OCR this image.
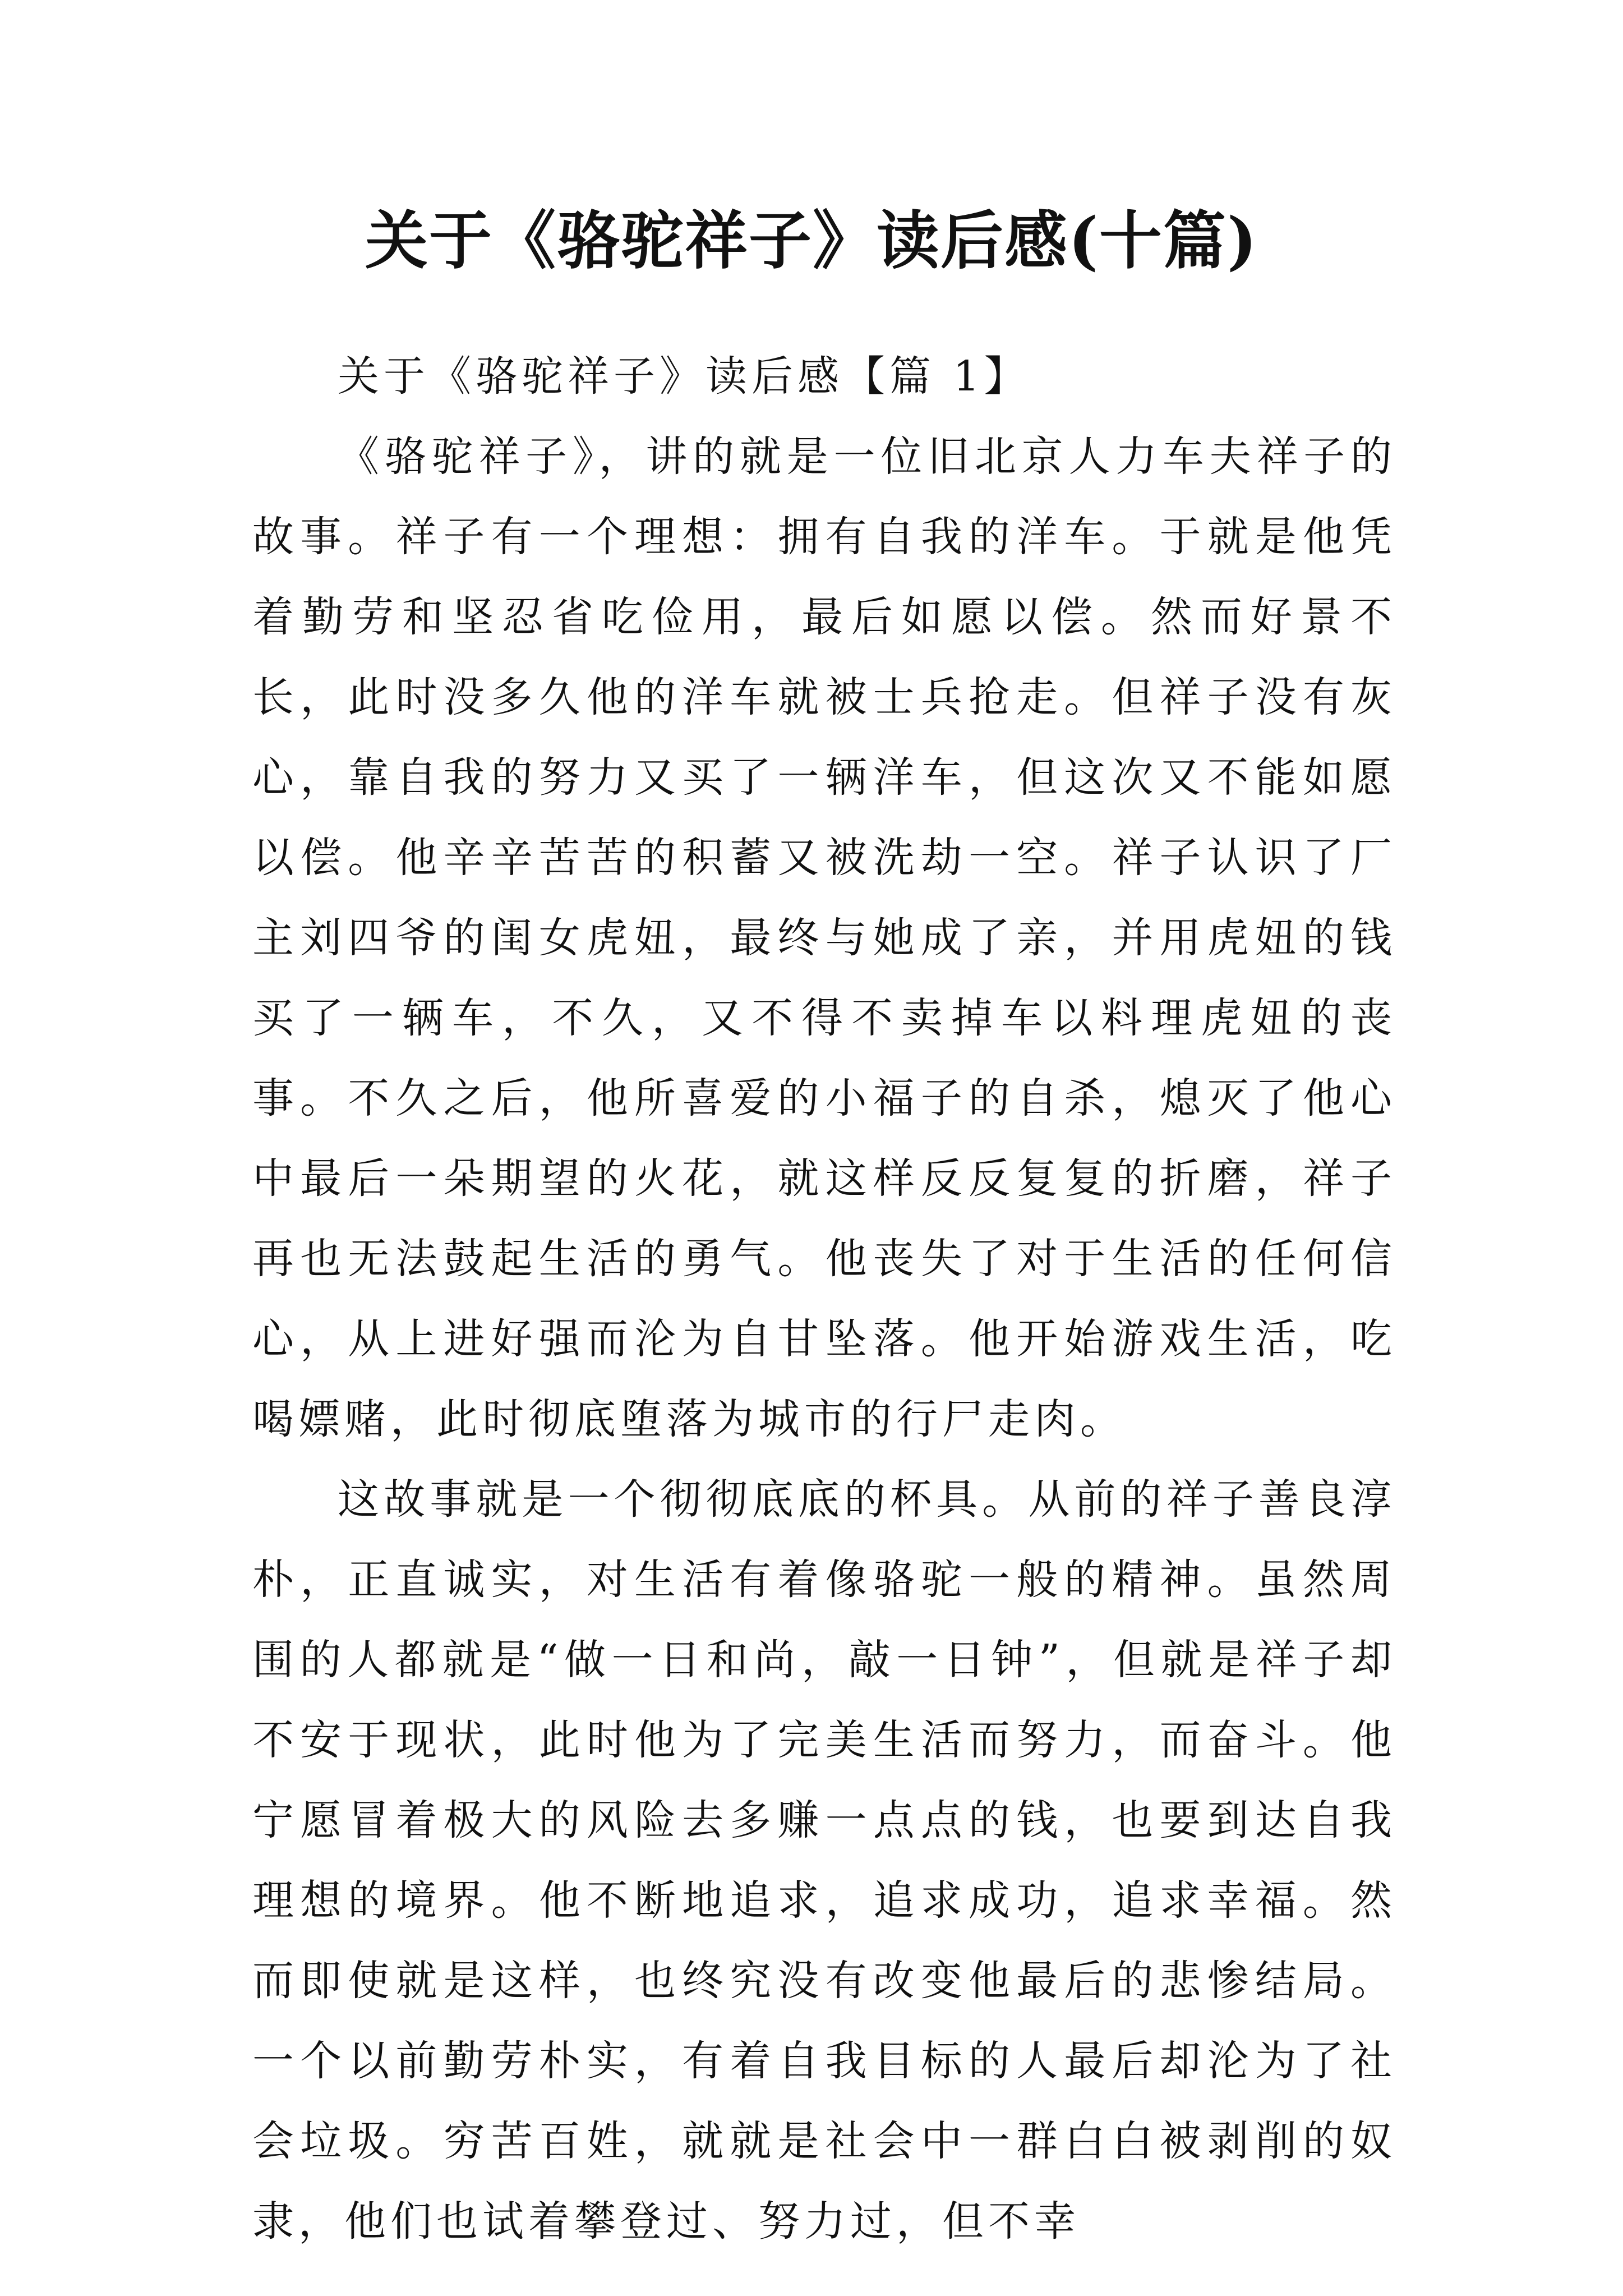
关于《骆驼祥子》读后感(十篇)

关于《骆驼祥子》读后感【篇 1】

《骆驼祥子》，讲的就是一位旧北京人力车夫祥子的故事。祥子有一个理想：拥有自我的洋车。于就是他凭着勤劳和坚忍省吃俭用，最后如愿以偿。然而好景不长，此时没多久他的洋车就被士兵抢走。但祥子没有灰心，靠自我的努力又买了一辆洋车，但这次又不能如愿以偿。他辛辛苦苦的积蓄又被洗劫一空。祥子认识了厂主刘四爷的闺女虎妞，最终与她成了亲，并用虎妞的钱买了一辆车，不久，又不得不卖掉车以料理虎妞的丧事。不久之后，他所喜爱的小福子的自杀，熄灭了他心中最后一朵期望的火花，就这样反反复复的折磨，祥子再也无法鼓起生活的勇气。他丧失了对于生活的任何信心，从上进好强而沦为自甘坠落。他开始游戏生活，吃喝嫖赌，此时彻底堕落为城市的行尸走肉。

这故事就是一个彻彻底底的杯具。从前的祥子善良淳朴，正直诚实，对生活有着像骆驼一般的精神。虽然周围的人都就是“做一日和尚，敲一日钟”，但就是祥子却不安于现状，此时他为了完美生活而努力，而奋斗。他宁愿冒着极大的风险去多赚一点点的钱，也要到达自我理想的境界。他不断地追求，追求成功，追求幸福。然而即使就是这样，也终究没有改变他最后的悲惨结局。一个以前勤劳朴实，有着自我目标的人最后却沦为了社会垃圾。穷苦百姓，就就是社会中一群白白被剥削的奴隶，他们也试着攀登过、努力过，但不幸
